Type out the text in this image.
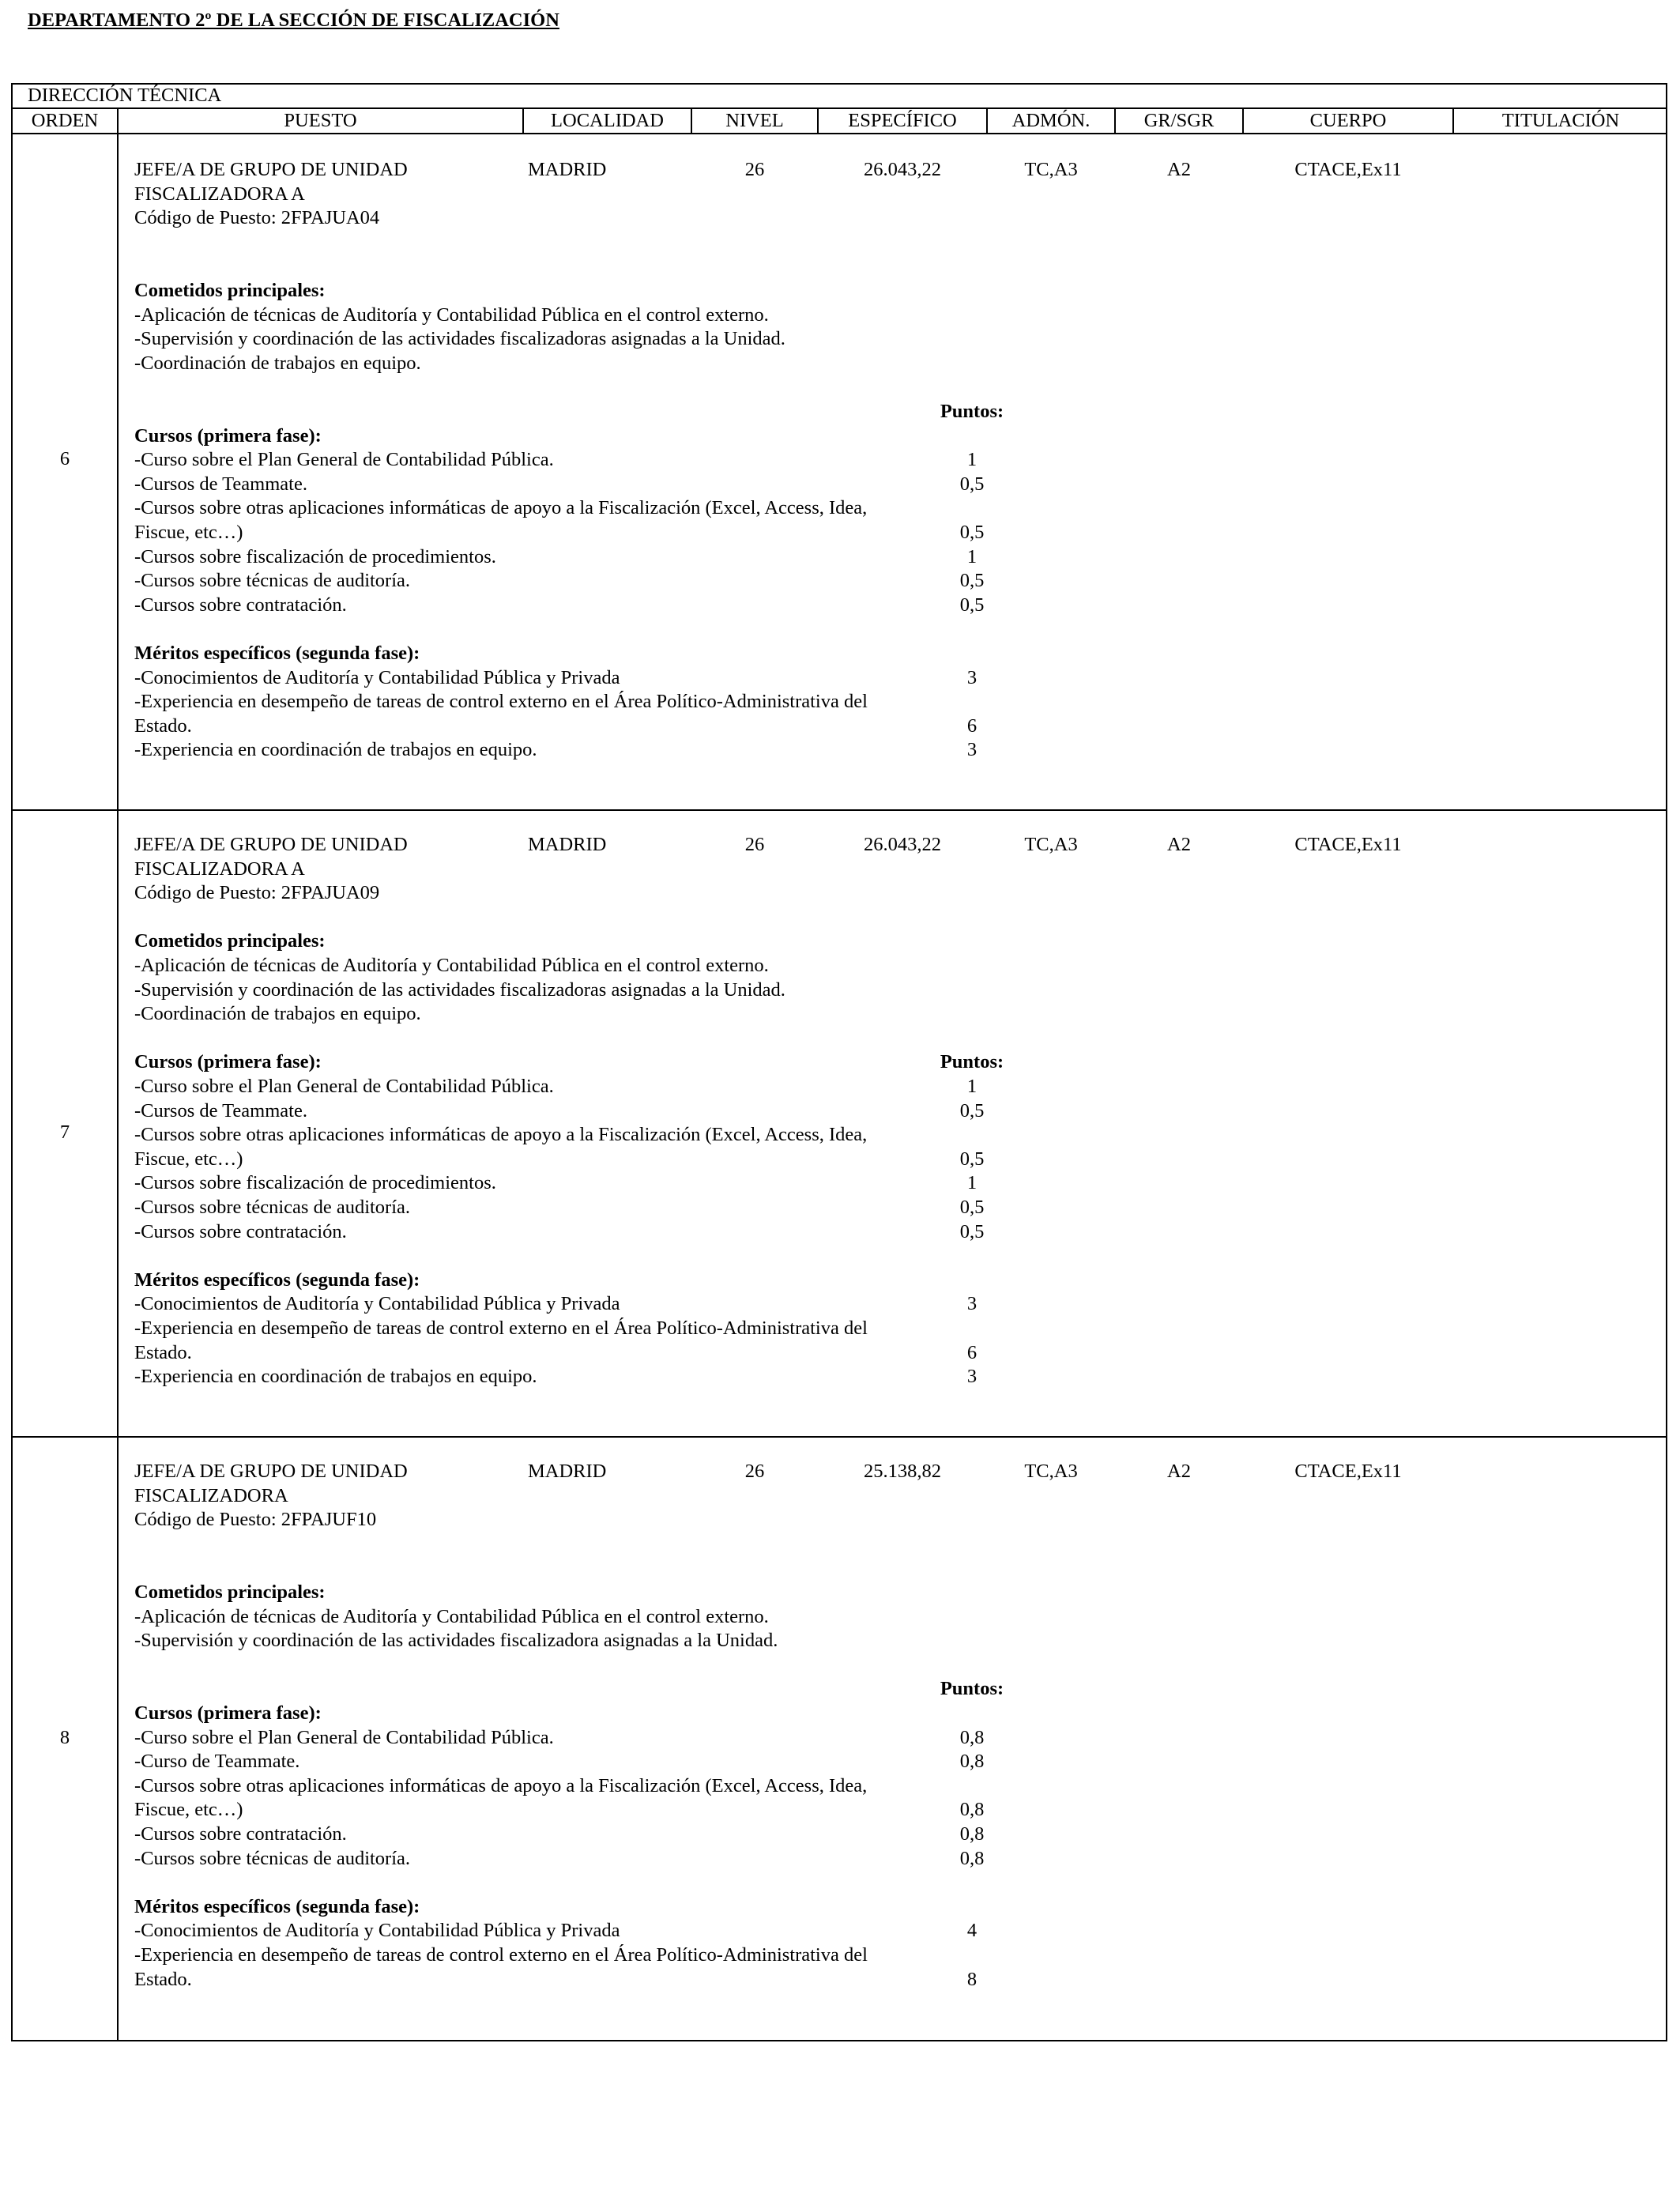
DEPARTAMENTO 2º DE LA SECCIÓN DE FISCALIZACIÓN
DIRECCIÓN TÉCNICA
ORDEN	PUESTO	LOCALIDAD	NIVEL	ESPECÍFICO	ADMÓN.	GR/SGR	CUERPO	TITULACIÓN
6
JEFE/A DE GRUPO DE UNIDAD	MADRID	26	26.043,22	TC,A3	A2	CTACE,Ex11
FISCALIZADORA A
Código de Puesto: 2FPAJUA04
Cometidos principales:
-Aplicación de técnicas de Auditoría y Contabilidad Pública en el control externo.
-Supervisión y coordinación de las actividades fiscalizadoras asignadas a la Unidad.
-Coordinación de trabajos en equipo.
Puntos:
Cursos (primera fase):
-Curso sobre el Plan General de Contabilidad Pública.	1
-Cursos de Teammate.	0,5
-Cursos sobre otras aplicaciones informáticas de apoyo a la Fiscalización (Excel, Access, Idea,
Fiscue, etc…)	0,5
-Cursos sobre fiscalización de procedimientos.	1
-Cursos sobre técnicas de auditoría.	0,5
-Cursos sobre contratación.	0,5
Méritos específicos (segunda fase):
-Conocimientos de Auditoría y Contabilidad Pública y Privada	3
-Experiencia en desempeño de tareas de control externo en el Área Político-Administrativa del
Estado.	6
-Experiencia en coordinación de trabajos en equipo.	3
7
JEFE/A DE GRUPO DE UNIDAD	MADRID	26	26.043,22	TC,A3	A2	CTACE,Ex11
FISCALIZADORA A
Código de Puesto: 2FPAJUA09
Cometidos principales:
-Aplicación de técnicas de Auditoría y Contabilidad Pública en el control externo.
-Supervisión y coordinación de las actividades fiscalizadoras asignadas a la Unidad.
-Coordinación de trabajos en equipo.
Cursos (primera fase):	Puntos:
-Curso sobre el Plan General de Contabilidad Pública.	1
-Cursos de Teammate.	0,5
-Cursos sobre otras aplicaciones informáticas de apoyo a la Fiscalización (Excel, Access, Idea,
Fiscue, etc…)	0,5
-Cursos sobre fiscalización de procedimientos.	1
-Cursos sobre técnicas de auditoría.	0,5
-Cursos sobre contratación.	0,5
Méritos específicos (segunda fase):
-Conocimientos de Auditoría y Contabilidad Pública y Privada	3
-Experiencia en desempeño de tareas de control externo en el Área Político-Administrativa del
Estado.	6
-Experiencia en coordinación de trabajos en equipo.	3
8
JEFE/A DE GRUPO DE UNIDAD	MADRID	26	25.138,82	TC,A3	A2	CTACE,Ex11
FISCALIZADORA
Código de Puesto: 2FPAJUF10
Cometidos principales:
-Aplicación de técnicas de Auditoría y Contabilidad Pública en el control externo.
-Supervisión y coordinación de las actividades fiscalizadora asignadas a la Unidad.
Puntos:
Cursos (primera fase):
-Curso sobre el Plan General de Contabilidad Pública.	0,8
-Curso de Teammate.	0,8
-Cursos sobre otras aplicaciones informáticas de apoyo a la Fiscalización (Excel, Access, Idea,
Fiscue, etc…)	0,8
-Cursos sobre contratación.	0,8
-Cursos sobre técnicas de auditoría.	0,8
Méritos específicos (segunda fase):
-Conocimientos de Auditoría y Contabilidad Pública y Privada	4
-Experiencia en desempeño de tareas de control externo en el Área Político-Administrativa del
Estado.	8
